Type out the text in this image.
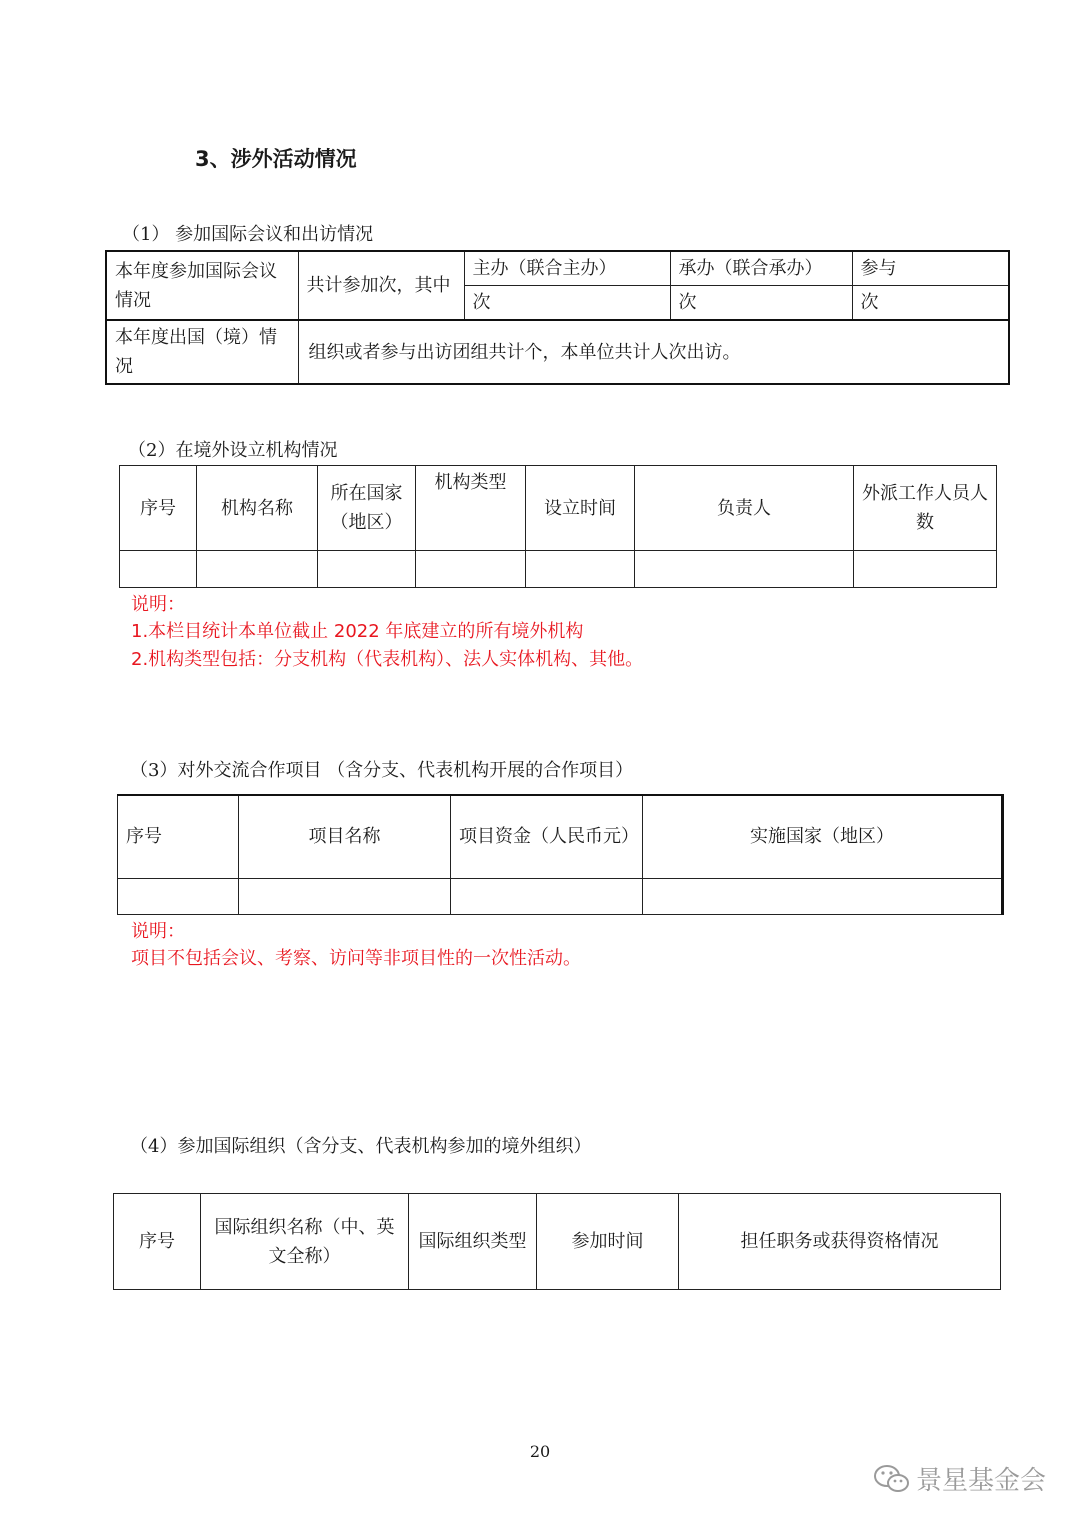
3、涉外活动情况
（1） 参加国际会议和出访情况
本年度参加国际会议情况	共计参加次，其中	主办（联合主办）	承办（联合承办）	参与
		次	次	次
本年度出国（境）情况	组织或者参与出访团组共计个，本单位共计人次出访。			
（2）在境外设立机构情况
序号	机构名称	所在国家（地区）	机构类型	设立时间	负责人	外派工作人员人数

说明：
1.本栏目统计本单位截止 2022 年底建立的所有境外机构
2.机构类型包括：分支机构（代表机构）、法人实体机构、其他。
（3）对外交流合作项目 （含分支、代表机构开展的合作项目）
序号	项目名称	项目资金（人民币元）	实施国家（地区）

说明：
项目不包括会议、考察、访问等非项目性的一次性活动。
（4）参加国际组织（含分支、代表机构参加的境外组织）
序号	国际组织名称（中、英文全称）	国际组织类型	参加时间	担任职务或获得资格情况
20
景星基金会
